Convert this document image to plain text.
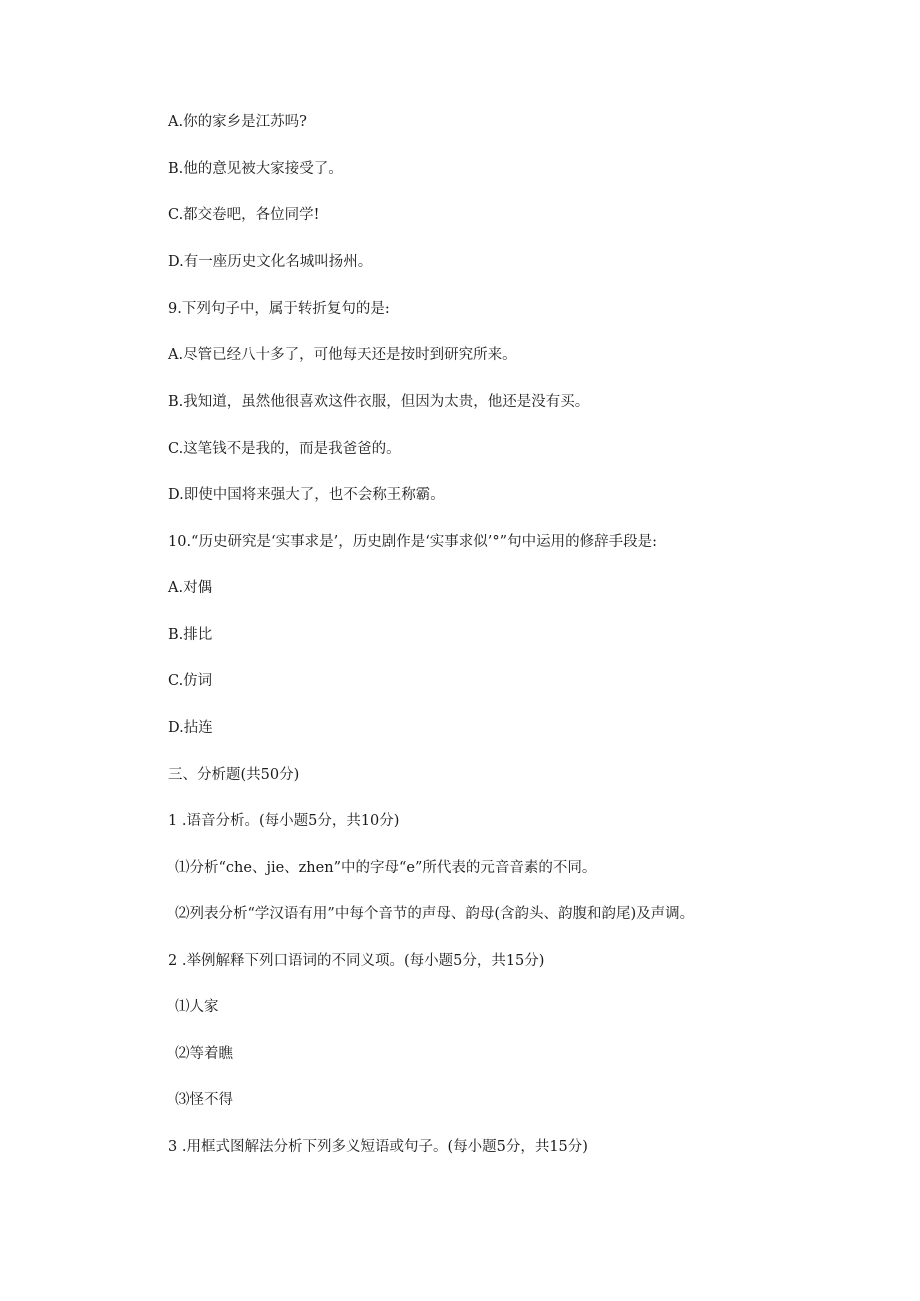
A.你的家乡是江苏吗?
B.他的意见被大家接受了。
C.都交卷吧，各位同学!
D.有一座历史文化名城叫扬州。
9.下列句子中，属于转折复句的是:
A.尽管已经八十多了，可他每天还是按时到研究所来。
B.我知道，虽然他很喜欢这件衣服，但因为太贵，他还是没有买。
C.这笔钱不是我的，而是我爸爸的。
D.即使中国将来强大了，也不会称王称霸。
10.“历史研究是‘实事求是’，历史剧作是‘实事求似’°”句中运用的修辞手段是:
A.对偶
B.排比
C.仿词
D.拈连
三、分析题(共50分)
1 .语音分析。(每小题5分，共10分)
⑴分析“che、jie、zhen”中的字母“e”所代表的元音音素的不同。
⑵列表分析“学汉语有用”中每个音节的声母、韵母(含韵头、韵腹和韵尾)及声调。
2 .举例解释下列口语词的不同义项。(每小题5分，共15分)
⑴人家
⑵等着瞧
⑶怪不得
3 .用框式图解法分析下列多义短语或句子。(每小题5分，共15分)
